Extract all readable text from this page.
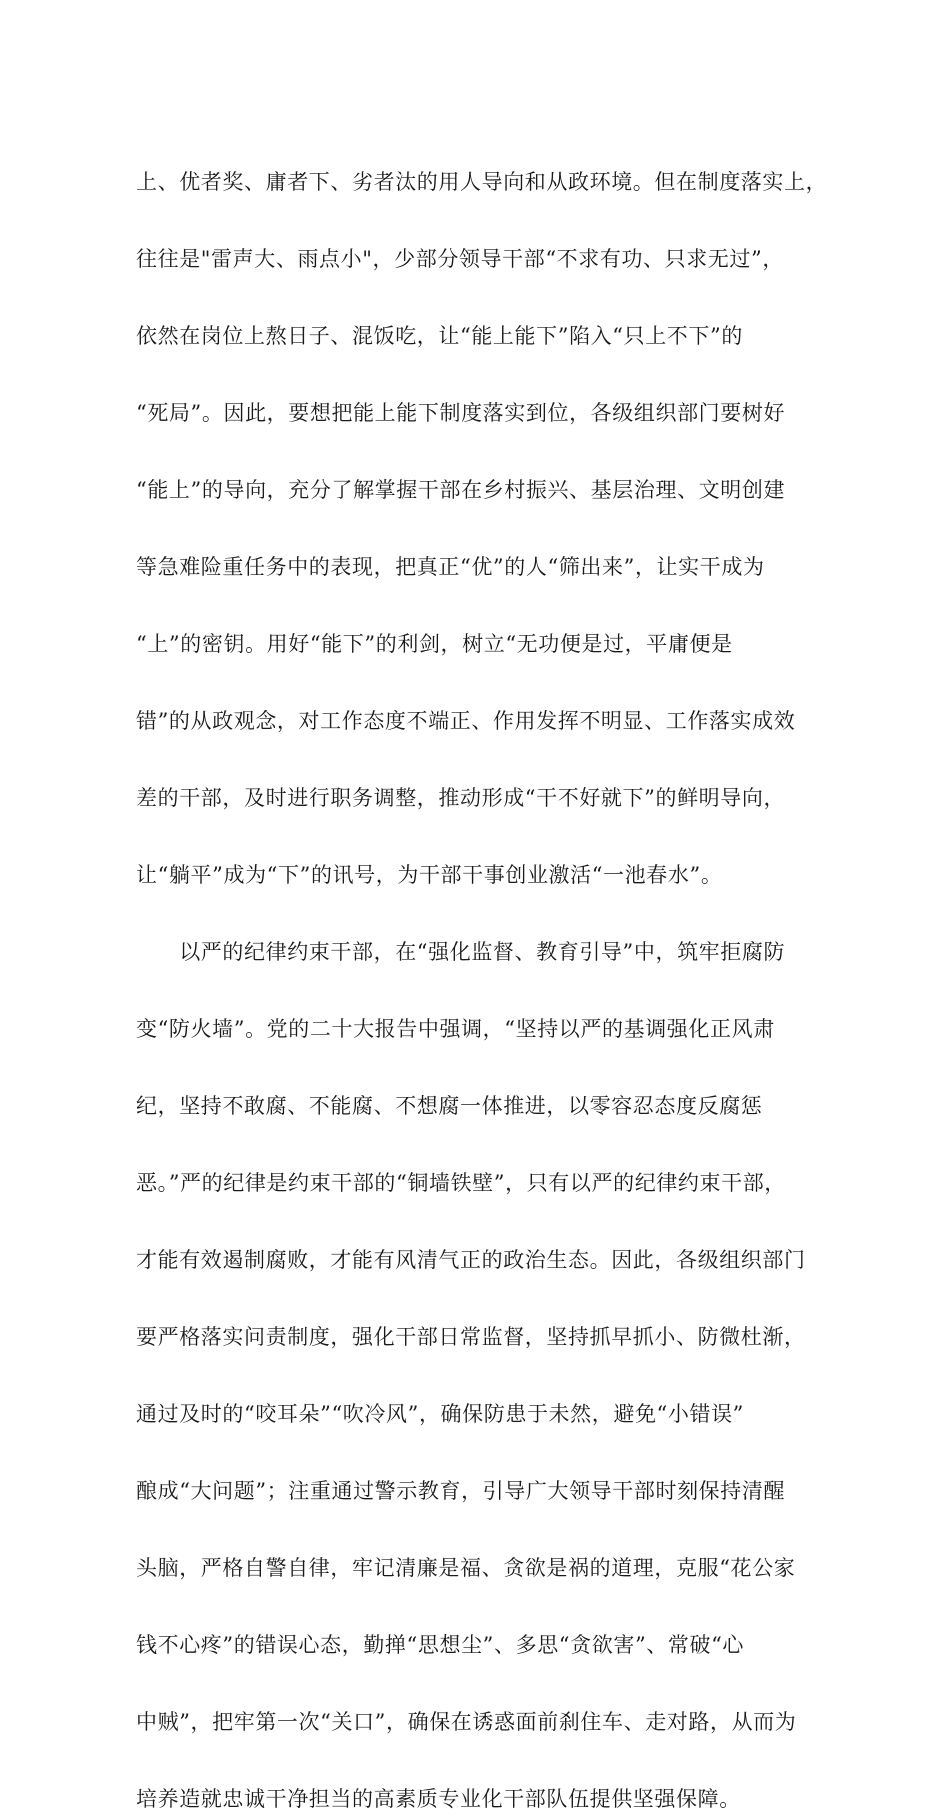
上、优者奖、庸者下、劣者汰的用人导向和从政环境。但在制度落实上，

往往是"雷声大、雨点小"，少部分领导干部“不求有功、只求无过”，

依然在岗位上熬日子、混饭吃，让“能上能下”陷入“只上不下”的

“死局”。因此，要想把能上能下制度落实到位，各级组织部门要树好

“能上”的导向，充分了解掌握干部在乡村振兴、基层治理、文明创建

等急难险重任务中的表现，把真正“优”的人“筛出来”，让实干成为

“上”的密钥。用好“能下”的利剑，树立“无功便是过，平庸便是

错”的从政观念，对工作态度不端正、作用发挥不明显、工作落实成效

差的干部，及时进行职务调整，推动形成“干不好就下”的鲜明导向，

让“躺平”成为“下”的讯号，为干部干事创业激活“一池春水”。

　　以严的纪律约束干部，在“强化监督、教育引导”中，筑牢拒腐防

变“防火墙”。党的二十大报告中强调，“坚持以严的基调强化正风肃

纪，坚持不敢腐、不能腐、不想腐一体推进，以零容忍态度反腐惩

恶。”严的纪律是约束干部的“铜墙铁壁”，只有以严的纪律约束干部，

才能有效遏制腐败，才能有风清气正的政治生态。因此，各级组织部门

要严格落实问责制度，强化干部日常监督，坚持抓早抓小、防微杜渐，

通过及时的“咬耳朵”“吹冷风”，确保防患于未然，避免“小错误”

酿成“大问题”；注重通过警示教育，引导广大领导干部时刻保持清醒

头脑，严格自警自律，牢记清廉是福、贪欲是祸的道理，克服“花公家

钱不心疼”的错误心态，勤掸“思想尘”、多思“贪欲害”、常破“心

中贼”，把牢第一次“关口”，确保在诱惑面前刹住车、走对路，从而为

培养造就忠诚干净担当的高素质专业化干部队伍提供坚强保障。
